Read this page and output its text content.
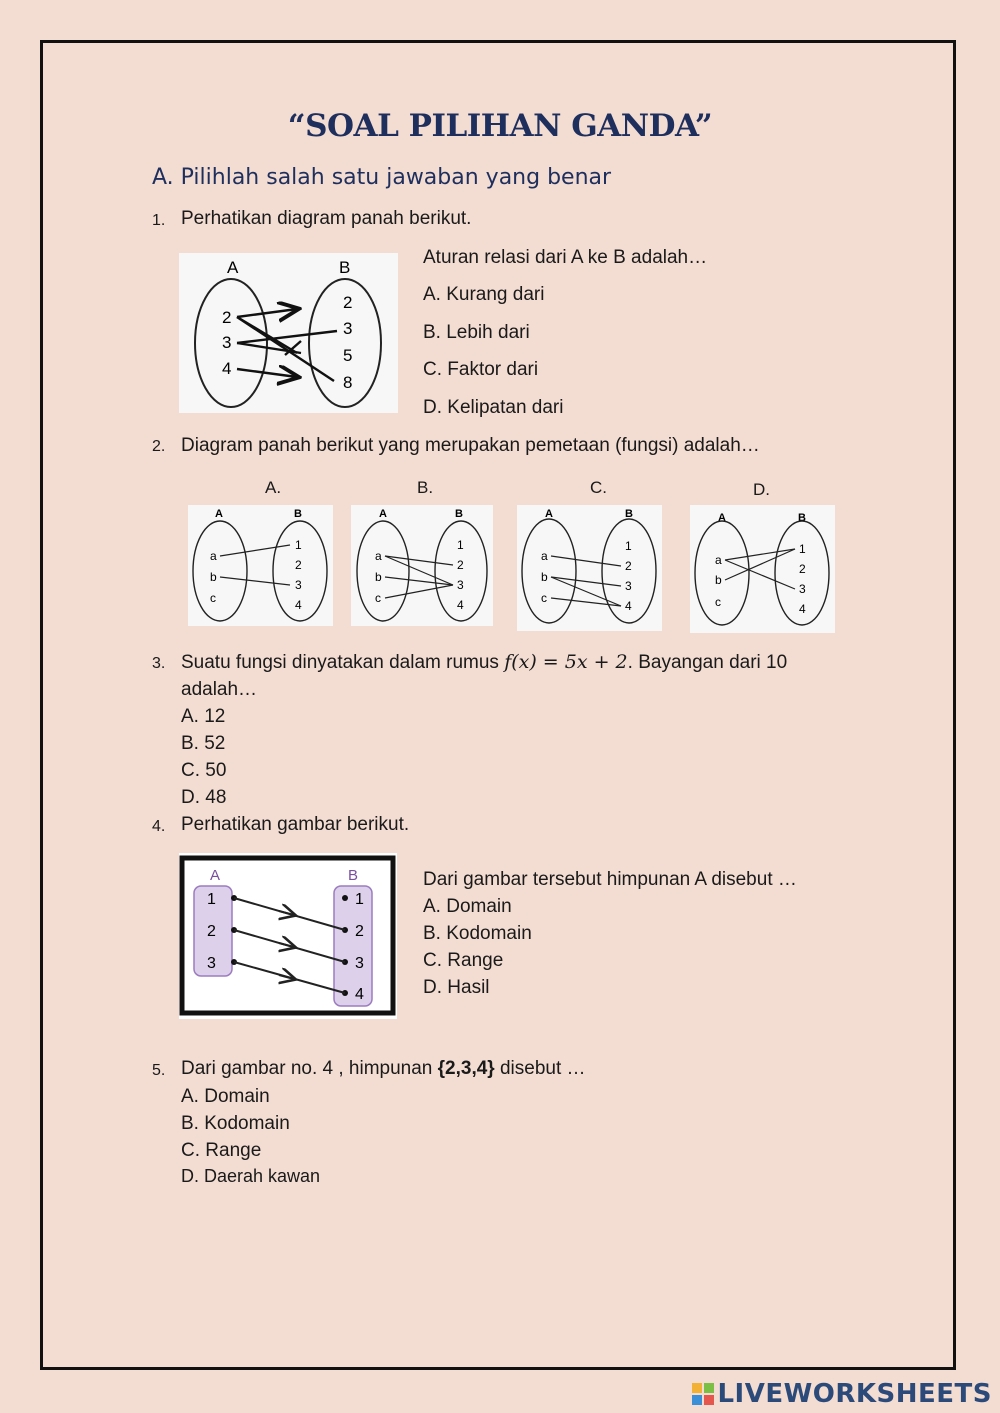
“SOAL PILIHAN GANDA”
A. Pilihlah salah satu jawaban yang benar
1. Perhatikan diagram panah berikut.
A	B
2
3
4
2
3
5
8
Aturan relasi dari A ke B adalah…
A. Kurang dari
B. Lebih dari
C. Faktor dari
D. Kelipatan dari
2. Diagram panah berikut yang merupakan pemetaan (fungsi) adalah…
A.	B.	C.	D.
A	B
a
b
c
1
2
3
4
A	B
a
b
c
1
2
3
4
A	B
a
b
c
1
2
3
4
A	B
a
b
c
1
2
3
4
3. Suatu fungsi dinyatakan dalam rumus f(x) = 5x + 2. Bayangan dari 10
adalah…
A. 12
B. 52
C. 50
D. 48
4. Perhatikan gambar berikut.
A	B
1
2
3
1
2
3
4
Dari gambar tersebut himpunan A disebut …
A. Domain
B. Kodomain
C. Range
D. Hasil
5. Dari gambar no. 4 , himpunan {2,3,4} disebut …
A. Domain
B. Kodomain
C. Range
D. Daerah kawan
LIVEWORKSHEETS
